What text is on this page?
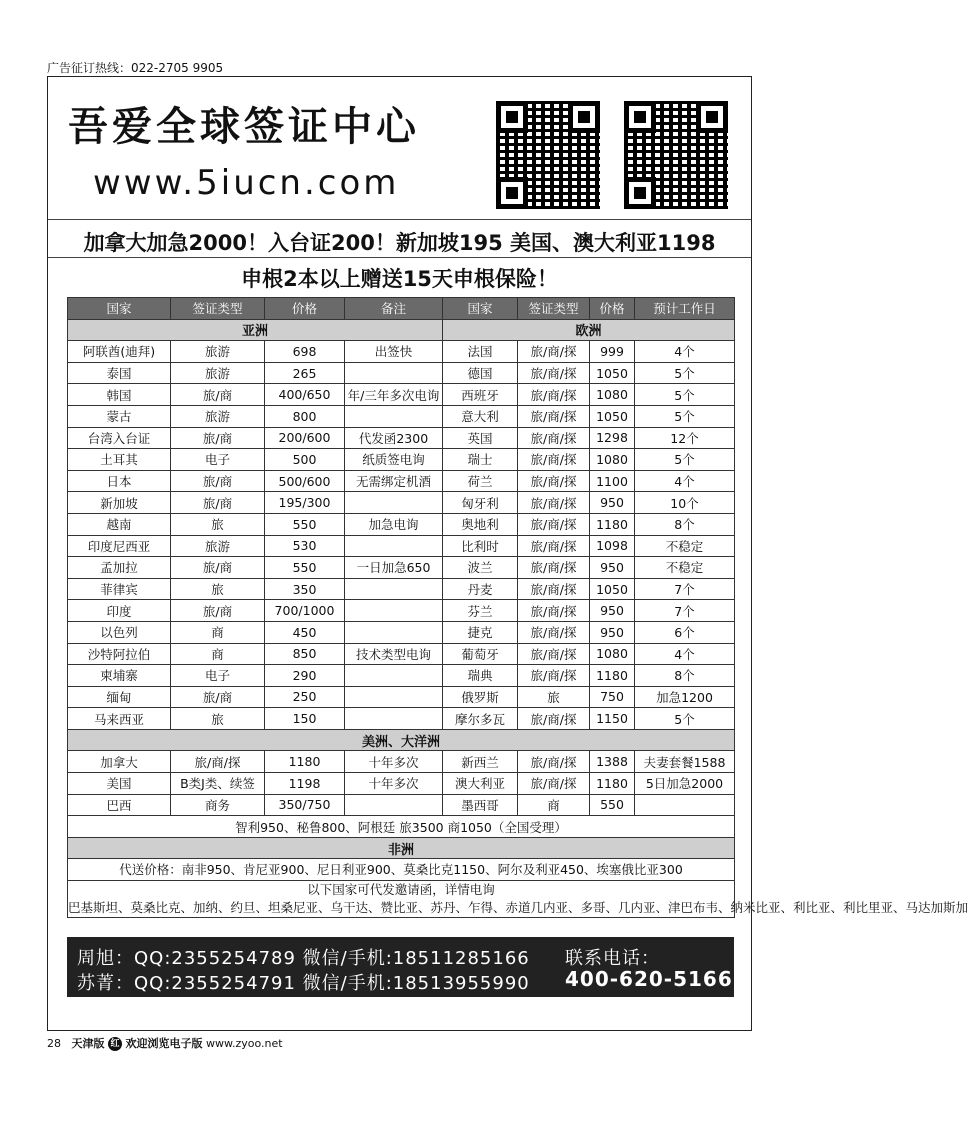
广告征订热线：022-2705 9905
吾爱全球签证中心
www.5iucn.com
加拿大加急2000！入台证200！新加坡195 美国、澳大利亚1198
申根2本以上赠送15天申根保险！
国家	签证类型	价格	备注	国家	签证类型	价格	预计工作日
亚洲				欧洲			
阿联酋(迪拜)	旅游	698	出签快	法国	旅/商/探	999	4个
泰国	旅游	265		德国	旅/商/探	1050	5个
韩国	旅/商	400/650	年/三年多次电询	西班牙	旅/商/探	1080	5个
蒙古	旅游	800		意大利	旅/商/探	1050	5个
台湾入台证	旅/商	200/600	代发函2300	英国	旅/商/探	1298	12个
土耳其	电子	500	纸质签电询	瑞士	旅/商/探	1080	5个
日本	旅/商	500/600	无需绑定机酒	荷兰	旅/商/探	1100	4个
新加坡	旅/商	195/300		匈牙利	旅/商/探	950	10个
越南	旅	550	加急电询	奥地利	旅/商/探	1180	8个
印度尼西亚	旅游	530		比利时	旅/商/探	1098	不稳定
孟加拉	旅/商	550	一日加急650	波兰	旅/商/探	950	不稳定
菲律宾	旅	350		丹麦	旅/商/探	1050	7个
印度	旅/商	700/1000		芬兰	旅/商/探	950	7个
以色列	商	450		捷克	旅/商/探	950	6个
沙特阿拉伯	商	850	技术类型电询	葡萄牙	旅/商/探	1080	4个
柬埔寨	电子	290		瑞典	旅/商/探	1180	8个
缅甸	旅/商	250		俄罗斯	旅	750	加急1200
马来西亚	旅	150		摩尔多瓦	旅/商/探	1150	5个
美洲、大洋洲							
加拿大	旅/商/探	1180	十年多次	新西兰	旅/商/探	1388	夫妻套餐1588
美国	B类J类、续签	1198	十年多次	澳大利亚	旅/商/探	1180	5日加急2000
巴西	商务	350/750		墨西哥	商	550	
智利950、秘鲁800、阿根廷 旅3500 商1050（全国受理）							
非洲							
代送价格：南非950、肯尼亚900、尼日利亚900、莫桑比克1150、阿尔及利亚450、埃塞俄比亚300							
以下国家可代发邀请函，详情电询
巴基斯坦、莫桑比克、加纳、约旦、坦桑尼亚、乌干达、赞比亚、苏丹、乍得、赤道几内亚、多哥、几内亚、津巴布韦、纳米比亚、利比亚、利比里亚、马达加斯加							
周旭：QQ:2355254789 微信/手机:18511285166
苏菁：QQ:2355254791 微信/手机:18513955990
联系电话：
400-620-5166
28 天津版 红 欢迎浏览电子版 www.zyoo.net
